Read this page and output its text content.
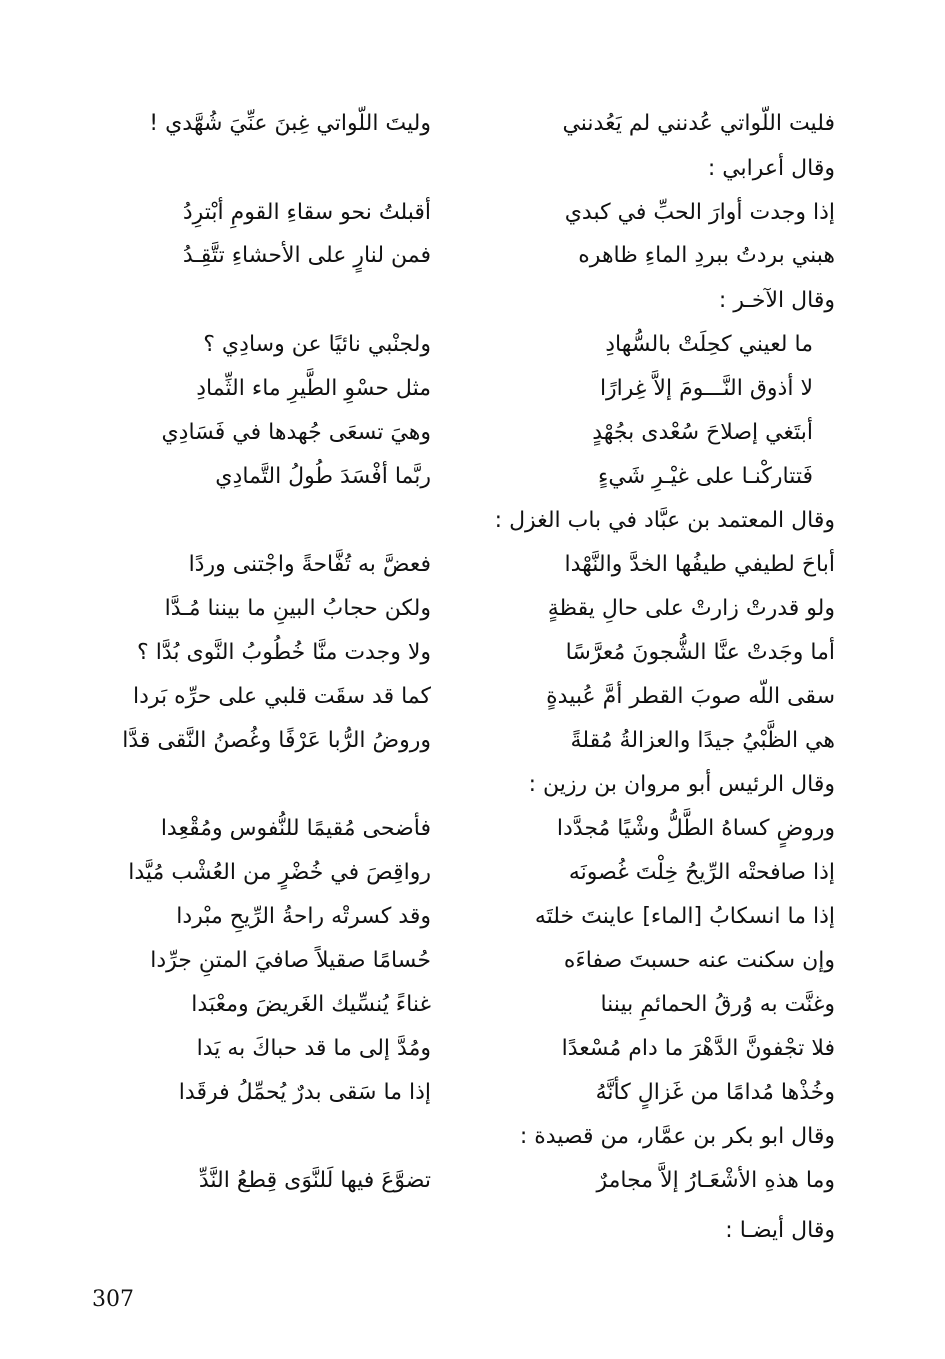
فليت اللّواتي عُدنني لم يَعُدنني
وقال أعرابي :
إذا وجدت أوارَ الحبِّ في كبدي
هبني بردتُ ببردِ الماءِ ظاهره
وقال الآخـر :
ما لعيني كحِلَتْ بالسُّهادِ
لا أذوق النَّـــومَ إلاَّ غِرارًا
أبتَغي إصلاحَ سُعْدى بجُهْدٍ
فَتتاركْنـا على غيْـرِ شَيءٍ
وقال المعتمد بن عبَّاد في باب الغزل :
أباحَ لطيفي طيفُها الخدَّ والنَّهْدا
ولو قدرتْ زارتْ على حالِ يقظةٍ
أما وجَدتْ عنَّا الشُّجونَ مُعرَّسًا
سقى اللّه صوبَ القطر أمَّ عُبيدةٍ
هي الظَّبْيُ جيدًا والعزالةُ مُقلةً
وقال الرئيس أبو مروان بن رزين :
وروضٍ كساهُ الطَّلُّ وشْيًا مُجدَّدا
إذا صافحتْه الرِّيحُ خِلْتَ غُصونَه
إذا ما انسكابُ [الماء] عاينتَ خلتَه
وإن سكنت عنه حسبتَ صفاءَه
وغنَّت به وُرقُ الحمائمِ بيننا
فلا تجْفونَّ الدَّهْرَ ما دام مُسْعدًا
وخُذْها مُدامًا من غَزالٍ كأنَّهُ
وقال ابو بكر بن عمَّار، من قصيدة :
وما هذهِ الأشْعَـارُ إلاَّ مجامرٌ
وقال أيضـا :
وليتَ اللّواتي غِبنَ عنِّيَ شُهَّدي !
أقبلتُ نحو سقاءِ القومِ أبْترِدُ
فمن لنارٍ على الأحشاءِ تتَّقِـدُ
ولجنْبي نائيًا عن وسادِي ؟
مثل حسْوِ الطَّيرِ ماء الثِّمادِ
وهيَ تسعَى جُهدها في فَسَادِي
ربَّما أفْسَدَ طُولُ التَّمادِي
فعضَّ به تُفَّاحةً واجْتنى وردًا
ولكن حجابُ البينِ ما بيننا مُـدَّا
ولا وجدت منَّا خُطُوبُ النَّوى بُدَّا ؟
كما قد سقَت قلبي على حرِّه بَردا
وروضُ الرُّبا عَرْفًا وغُصنُ النَّقى قدَّا
فأضحى مُقيمًا للنُّفوس ومُقْعِدا
رواقِصَ في خُضْرٍ من العُشْب مُيَّدا
وقد كسرتْه راحةُ الرِّيحِ مبْردا
حُسامًا صقيلاً صافيَ المتنِ جرِّدا
غناءً يُنسِّيك الغَريضَ ومعْبَدا
ومُدَّ إلى ما قد حباكَ به يَدا
إذا ما سَقى بدرٌ يُحمِّلُ فرقَدا
تضوَّعَ فيها لَلنَّوَى قِطعُ النَّدِّ
307
